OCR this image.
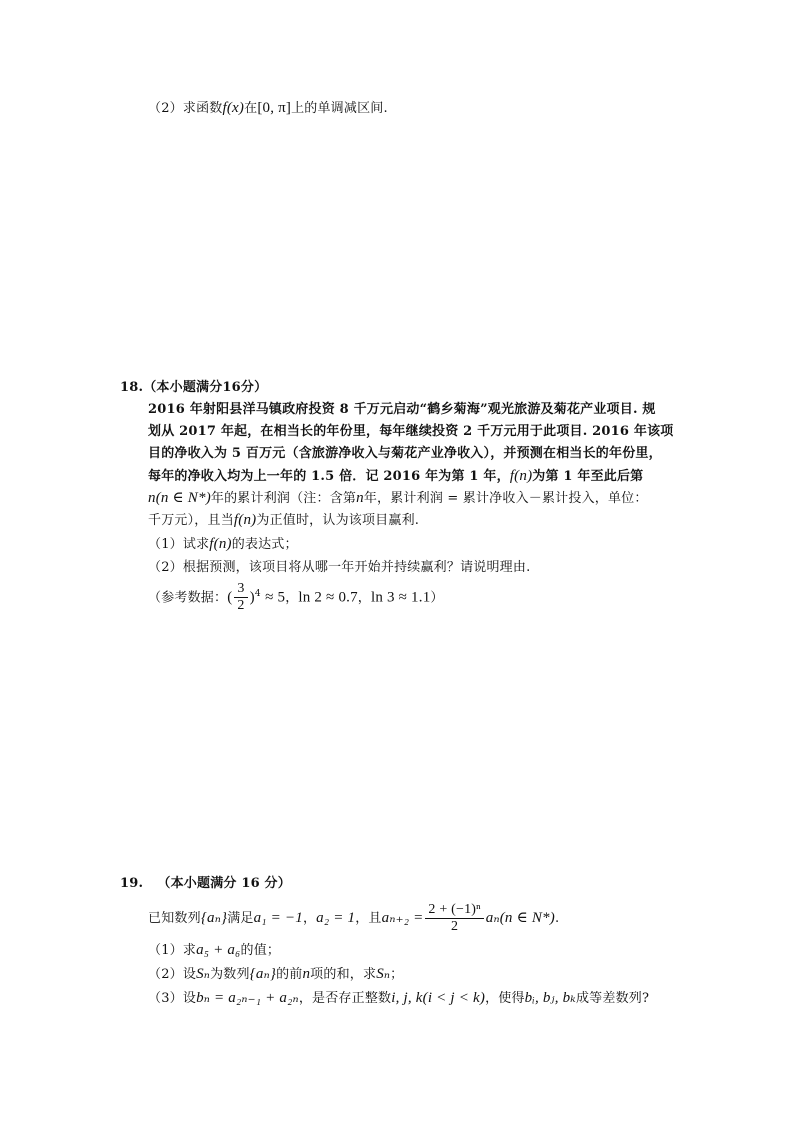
（2）求函数f(x)在[0, π]上的单调减区间.
18.（本小题满分16分）
2016 年射阳县洋马镇政府投资 8 千万元启动“鹤乡菊海”观光旅游及菊花产业项目. 规
划从 2017 年起，在相当长的年份里，每年继续投资 2 千万元用于此项目. 2016 年该项
目的净收入为 5 百万元（含旅游净收入与菊花产业净收入），并预测在相当长的年份里，
每年的净收入均为上一年的 1.5 倍．记 2016 年为第 1 年，f(n)为第 1 年至此后第
n(n ∈ N*)年的累计利润（注：含第n年，累计利润 = 累计净收入－累计投入，单位：
千万元），且当f(n)为正值时，认为该项目赢利.
（1）试求f(n)的表达式；
（2）根据预测，该项目将从哪一年开始并持续赢利？请说明理由.
（参考数据：( $\frac{3}{2} )^4 \approx 5$，ln 2 ≈ 0.7，ln 3 ≈ 1.1）
19. （本小题满分 16 分）
已知数列{aₙ}满足a₁ = −1，a₂ = 1，且$a_{n+2} = \frac{\text{2 + (−1)ⁿ}}{2} a_n(n$ ∈ N*).
（1）求a₅ + a₆的值；
（2）设Sₙ为数列{aₙ}的前n项的和，求Sₙ；
（3）设bₙ = a₂ₙ₋₁ + a₂ₙ，是否存正整数i, j, k(i < j < k)，使得bᵢ, bⱼ, bₖ成等差数列?
